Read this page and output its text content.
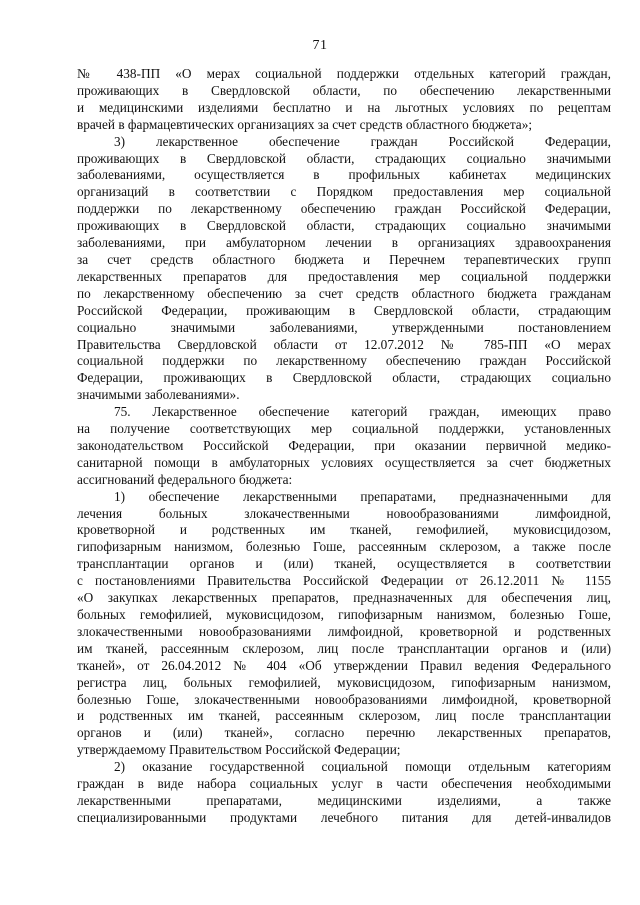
71

№ 438-ПП «О мерах социальной поддержки отдельных категорий граждан,

проживающих в Свердловской области, по обеспечению лекарственными

и медицинскими изделиями бесплатно и на льготных условиях по рецептам

врачей в фармацевтических организациях за счет средств областного бюджета»;

3) лекарственное обеспечение граждан Российской Федерации,

проживающих в Свердловской области, страдающих социально значимыми

заболеваниями, осуществляется в профильных кабинетах медицинских

организаций в соответствии с Порядком предоставления мер социальной

поддержки по лекарственному обеспечению граждан Российской Федерации,

проживающих в Свердловской области, страдающих социально значимыми

заболеваниями, при амбулаторном лечении в организациях здравоохранения

за счет средств областного бюджета и Перечнем терапевтических групп

лекарственных препаратов для предоставления мер социальной поддержки

по лекарственному обеспечению за счет средств областного бюджета гражданам

Российской Федерации, проживающим в Свердловской области, страдающим

социально значимыми заболеваниями, утвержденными постановлением

Правительства Свердловской области от 12.07.2012 № 785-ПП «О мерах

социальной поддержки по лекарственному обеспечению граждан Российской

Федерации, проживающих в Свердловской области, страдающих социально

значимыми заболеваниями».

75. Лекарственное обеспечение категорий граждан, имеющих право

на получение соответствующих мер социальной поддержки, установленных

законодательством Российской Федерации, при оказании первичной медико-

санитарной помощи в амбулаторных условиях осуществляется за счет бюджетных

ассигнований федерального бюджета:

1) обеспечение лекарственными препаратами, предназначенными для

лечения больных злокачественными новообразованиями лимфоидной,

кроветворной и родственных им тканей, гемофилией, муковисцидозом,

гипофизарным нанизмом, болезнью Гоше, рассеянным склерозом, а также после

трансплантации органов и (или) тканей, осуществляется в соответствии

с постановлениями Правительства Российской Федерации от 26.12.2011 № 1155

«О закупках лекарственных препаратов, предназначенных для обеспечения лиц,

больных гемофилией, муковисцидозом, гипофизарным нанизмом, болезнью Гоше,

злокачественными новообразованиями лимфоидной, кроветворной и родственных

им тканей, рассеянным склерозом, лиц после трансплантации органов и (или)

тканей», от 26.04.2012 № 404 «Об утверждении Правил ведения Федерального

регистра лиц, больных гемофилией, муковисцидозом, гипофизарным нанизмом,

болезнью Гоше, злокачественными новообразованиями лимфоидной, кроветворной

и родственных им тканей, рассеянным склерозом, лиц после трансплантации

органов и (или) тканей», согласно перечню лекарственных препаратов,

утверждаемому Правительством Российской Федерации;

2) оказание государственной социальной помощи отдельным категориям

граждан в виде набора социальных услуг в части обеспечения необходимыми

лекарственными препаратами, медицинскими изделиями, а также

специализированными продуктами лечебного питания для детей-инвалидов
